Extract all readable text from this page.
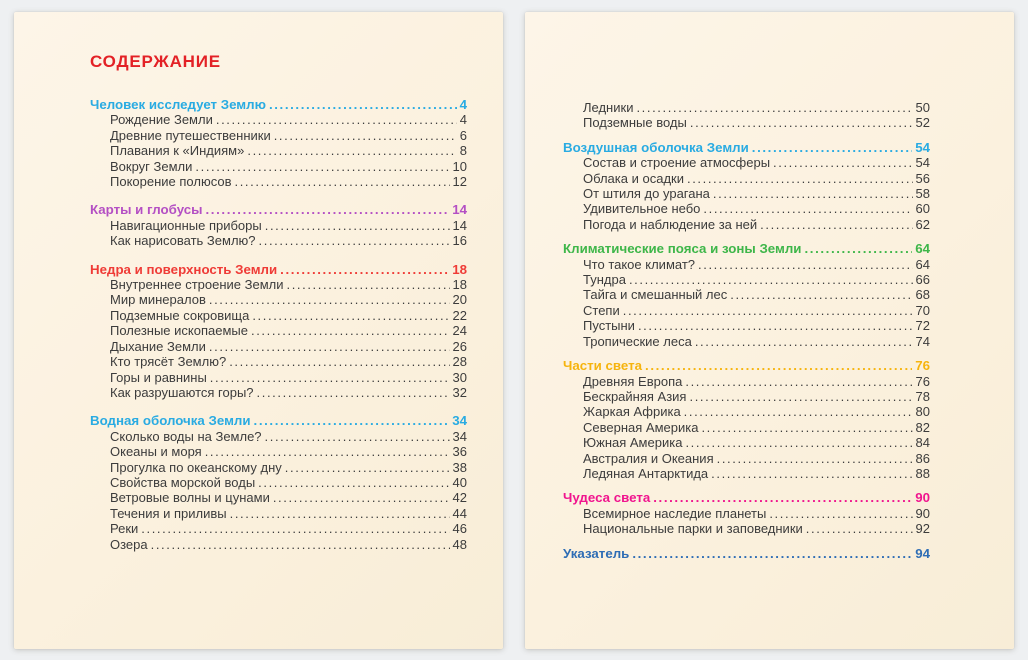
СОДЕРЖАНИЕ
Человек исследует Землю .....	4
Рождение Земли .....	4
Древние путешественники .....	6
Плавания к «Индиям» .....	8
Вокруг Земли .....	10
Покорение полюсов .....	12
Карты и глобусы .....	14
Навигационные приборы .....	14
Как нарисовать Землю? .....	16
Недра и поверхность Земли .....	18
Внутреннее строение Земли .....	18
Мир минералов .....	20
Подземные сокровища .....	22
Полезные ископаемые .....	24
Дыхание Земли .....	26
Кто трясёт Землю? .....	28
Горы и равнины .....	30
Как разрушаются горы? .....	32
Водная оболочка Земли .....	34
Сколько воды на Земле? .....	34
Океаны и моря .....	36
Прогулка по океанскому дну .....	38
Свойства морской воды .....	40
Ветровые волны и цунами .....	42
Течения и приливы .....	44
Реки .....	46
Озера .....	48
Ледники .....	50
Подземные воды .....	52
Воздушная оболочка Земли .....	54
Состав и строение атмосферы .....	54
Облака и осадки .....	56
От штиля до урагана .....	58
Удивительное небо .....	60
Погода и наблюдение за ней .....	62
Климатические пояса и зоны Земли .....	64
Что такое климат? .....	64
Тундра .....	66
Тайга и смешанный лес .....	68
Степи .....	70
Пустыни .....	72
Тропические леса .....	74
Части света .....	76
Древняя Европа .....	76
Бескрайняя Азия .....	78
Жаркая Африка .....	80
Северная Америка .....	82
Южная Америка .....	84
Австралия и Океания .....	86
Ледяная Антарктида .....	88
Чудеса света .....	90
Всемирное наследие планеты .....	90
Национальные парки и заповедники .....	92
Указатель .....	94
